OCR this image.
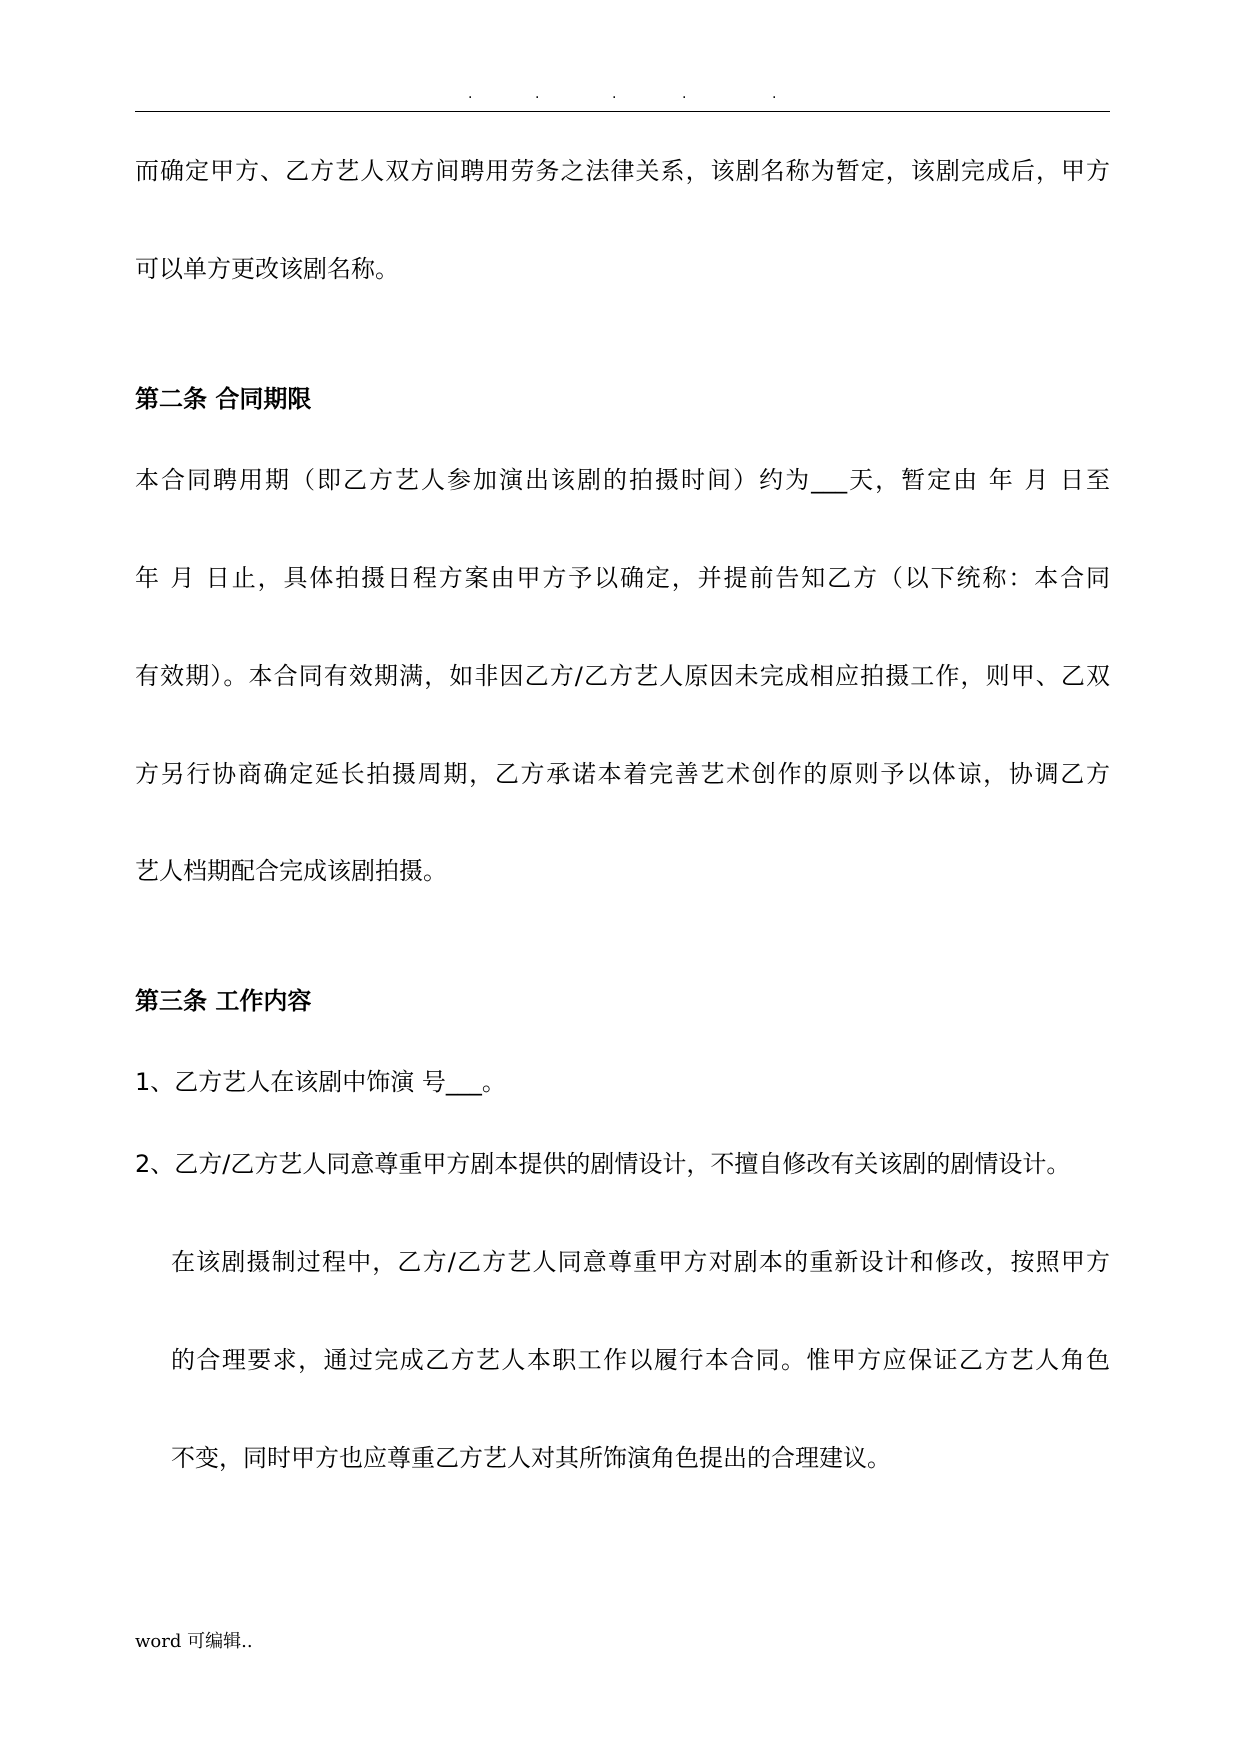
.	.	.	.	.
而确定甲方、乙方艺人双方间聘用劳务之法律关系，该剧名称为暂定，该剧完成后，甲方
可以单方更改该剧名称。
第二条 合同期限
本合同聘用期（即乙方艺人参加演出该剧的拍摄时间）约为___天，暂定由 年 月 日至
年 月 日止，具体拍摄日程方案由甲方予以确定，并提前告知乙方（以下统称：本合同
有效期）。本合同有效期满，如非因乙方/乙方艺人原因未完成相应拍摄工作，则甲、乙双
方另行协商确定延长拍摄周期，乙方承诺本着完善艺术创作的原则予以体谅，协调乙方
艺人档期配合完成该剧拍摄。
第三条 工作内容
1、乙方艺人在该剧中饰演 号___。
2、乙方/乙方艺人同意尊重甲方剧本提供的剧情设计，不擅自修改有关该剧的剧情设计。
在该剧摄制过程中，乙方/乙方艺人同意尊重甲方对剧本的重新设计和修改，按照甲方
的合理要求，通过完成乙方艺人本职工作以履行本合同。惟甲方应保证乙方艺人角色
不变，同时甲方也应尊重乙方艺人对其所饰演角色提出的合理建议。
word 可编辑..
